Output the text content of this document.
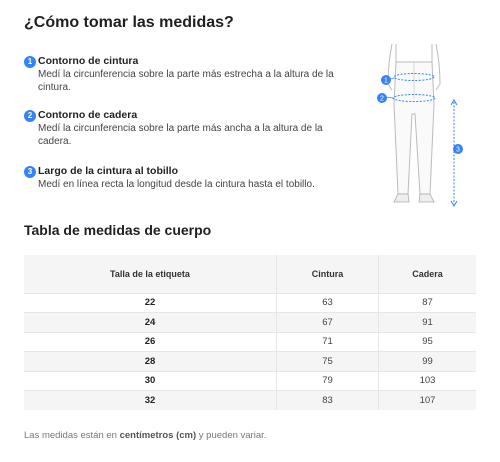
¿Cómo tomar las medidas?
1 Contorno de cintura
Medí la circunferencia sobre la parte más estrecha a la altura de la cintura.
2 Contorno de cadera
Medí la circunferencia sobre la parte más ancha a la altura de la cadera.
3 Largo de la cintura al tobillo
Medí en línea recta la longitud desde la cintura hasta el tobillo.
1
2
3
Tabla de medidas de cuerpo
Talla de la etiqueta	Cintura	Cadera
22	63	87
24	67	91
26	71	95
28	75	99
30	79	103
32	83	107
Las medidas están en centímetros (cm) y pueden variar.
